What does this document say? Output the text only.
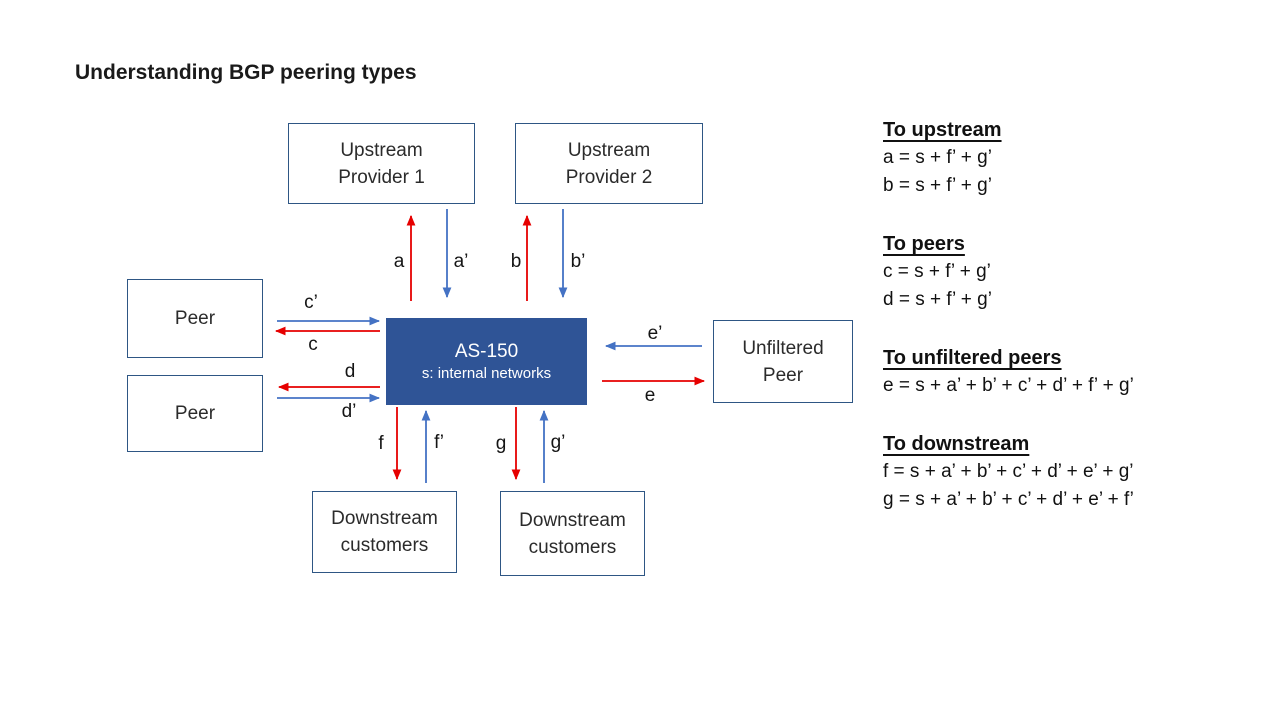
Understanding BGP peering types
Upstream
Provider 1
Upstream
Provider 2
Peer
Peer
Unfiltered
Peer
Downstream
customers
Downstream
customers
AS-150
s: internal networks
a	a’ b	b’
c’
c
d
d’
e’
e
f	f’	g g’
To upstream
a = s + f’ + g’
b = s + f’ + g’
To peers
c = s + f’ + g’
d = s + f’ + g’
To unfiltered peers
e = s + a’ + b’ + c’ + d’ + f’ + g’
To downstream
f = s + a’ + b’ + c’ + d’ + e’ + g’
g = s + a’ + b’ + c’ + d’ + e’ + f’
